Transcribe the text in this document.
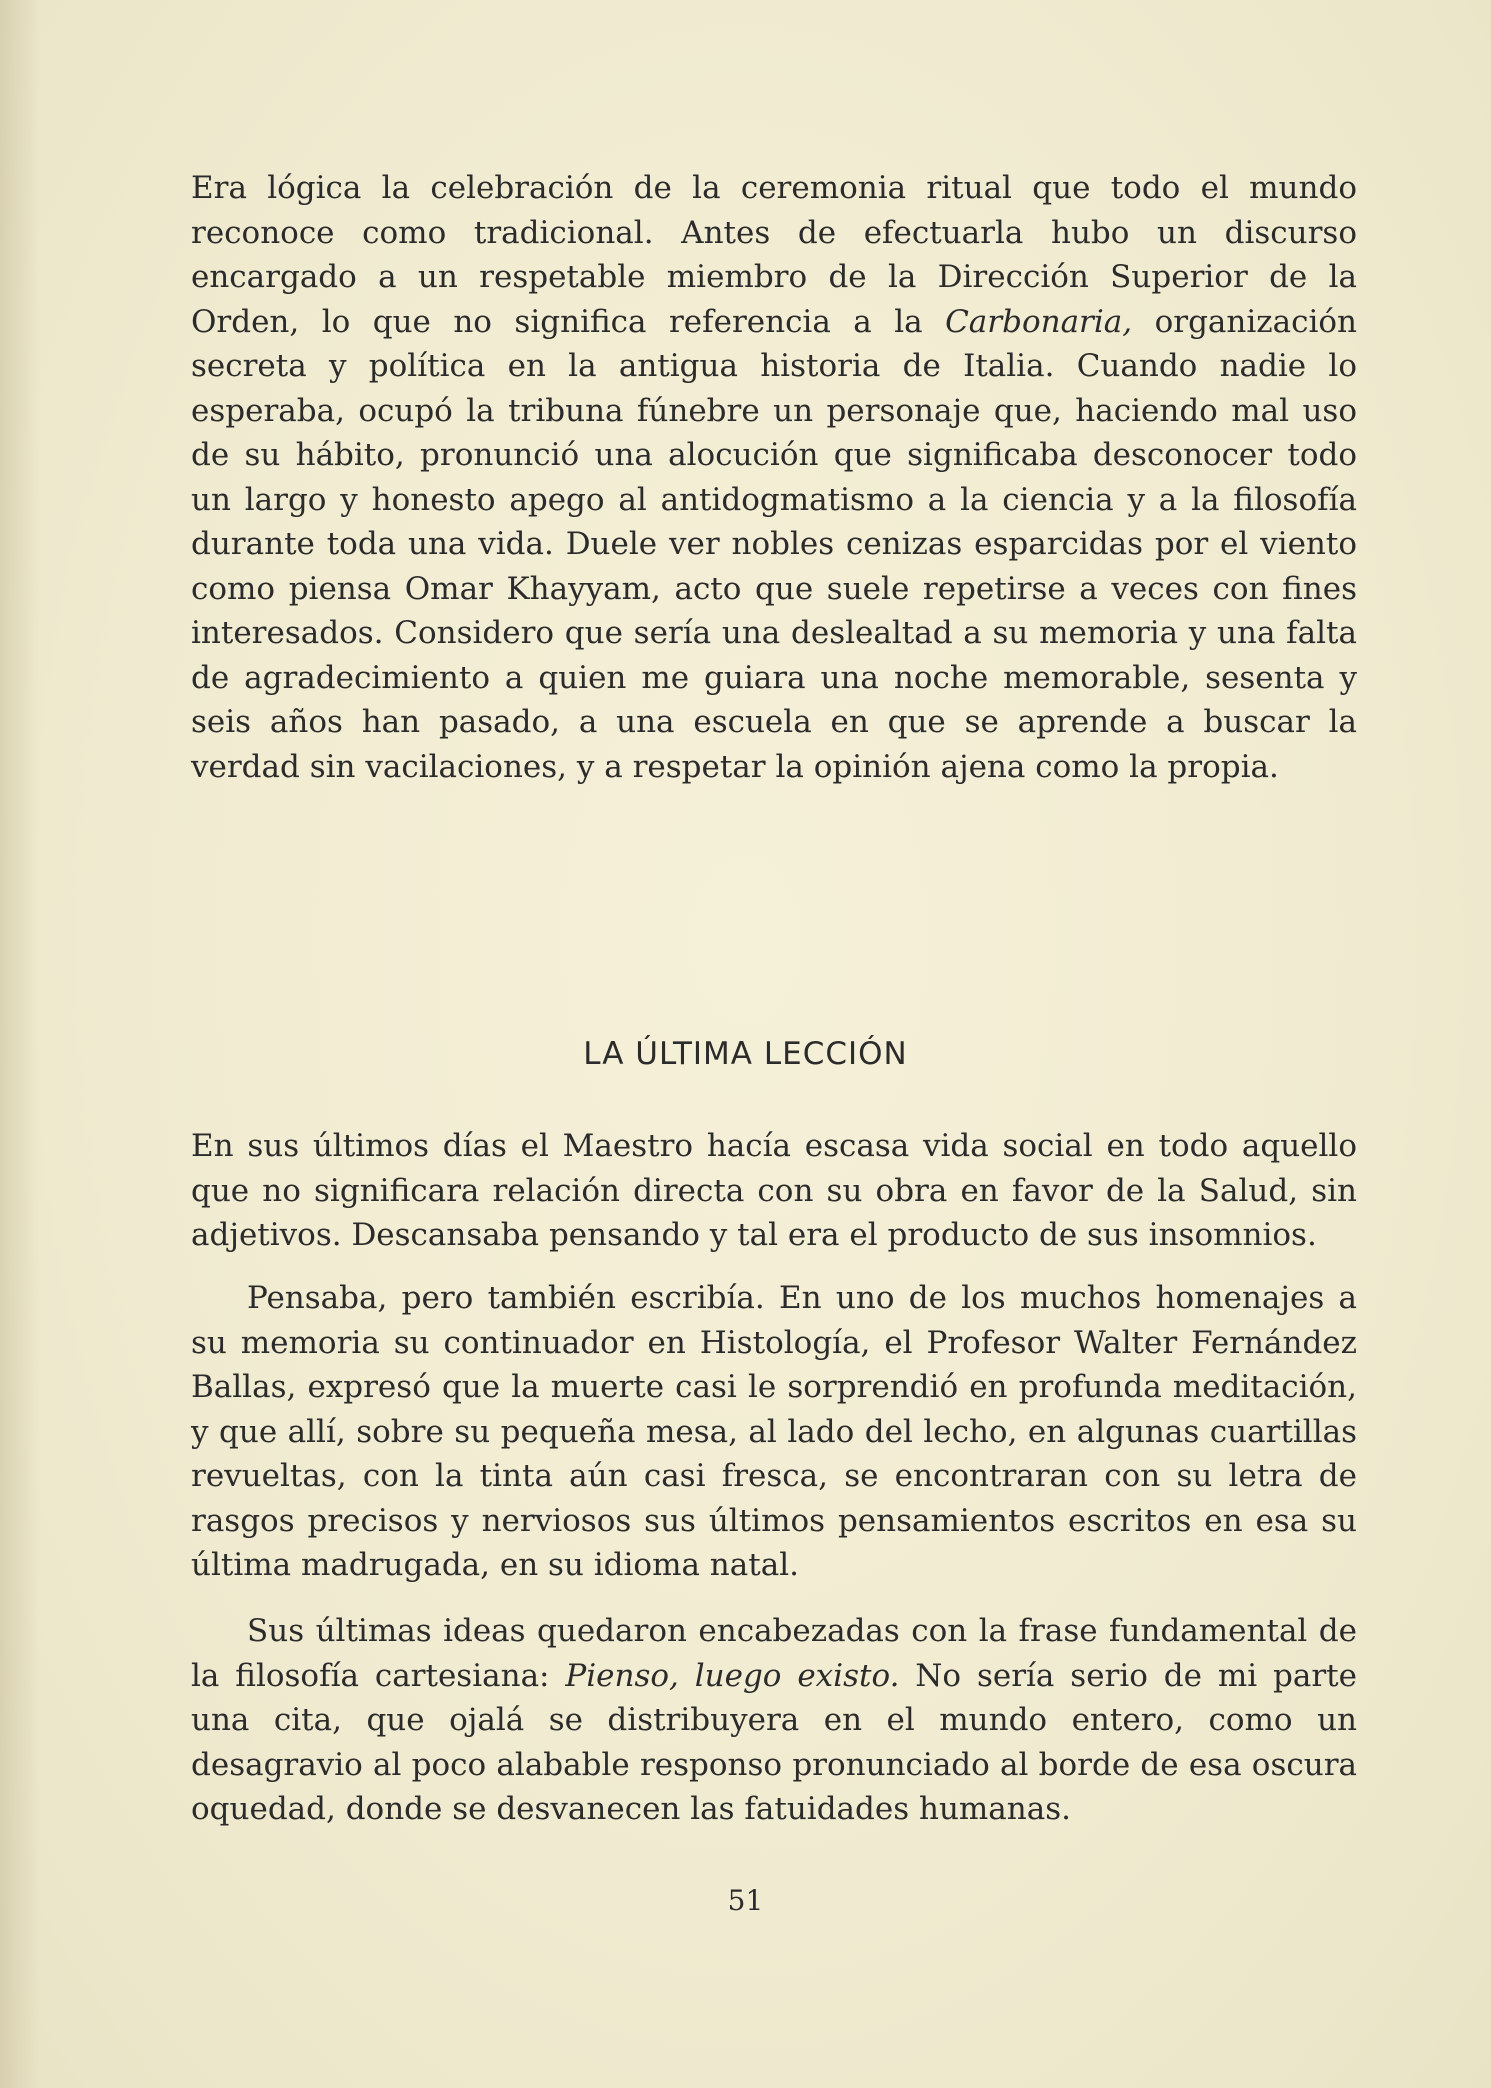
Era lógica la celebración de la ceremonia ritual que todo el mundo reconoce como tradicional. Antes de efectuarla hubo un discurso encargado a un respetable miembro de la Dirección Superior de la Orden, lo que no significa referencia a la Carbonaria, organización secreta y política en la antigua historia de Italia. Cuando nadie lo esperaba, ocupó la tribuna fúnebre un personaje que, haciendo mal uso de su hábito, pronunció una alocución que significaba desconocer todo un largo y honesto apego al antidogmatismo a la ciencia y a la filosofía durante toda una vida. Duele ver nobles cenizas esparcidas por el viento como piensa Omar Khayyam, acto que suele repetirse a veces con fines interesados. Considero que sería una deslealtad a su memoria y una falta de agradecimiento a quien me guiara una noche memorable, sesenta y seis años han pasado, a una escuela en que se aprende a buscar la verdad sin vacilaciones, y a respetar la opinión ajena como la propia.

LA ÚLTIMA LECCIÓN

En sus últimos días el Maestro hacía escasa vida social en todo aquello que no significara relación directa con su obra en favor de la Salud, sin adjetivos. Descansaba pensando y tal era el producto de sus insomnios.

Pensaba, pero también escribía. En uno de los muchos homenajes a su memoria su continuador en Histología, el Profesor Walter Fernández Ballas, expresó que la muerte casi le sorprendió en profunda meditación, y que allí, sobre su pequeña mesa, al lado del lecho, en algunas cuartillas revueltas, con la tinta aún casi fresca, se encontraran con su letra de rasgos precisos y nerviosos sus últimos pensamientos escritos en esa su última madrugada, en su idioma natal.

Sus últimas ideas quedaron encabezadas con la frase fundamental de la filosofía cartesiana: Pienso, luego existo. No sería serio de mi parte una cita, que ojalá se distribuyera en el mundo entero, como un desagravio al poco alabable responso pronunciado al borde de esa oscura oquedad, donde se desvanecen las fatuidades humanas.

51
